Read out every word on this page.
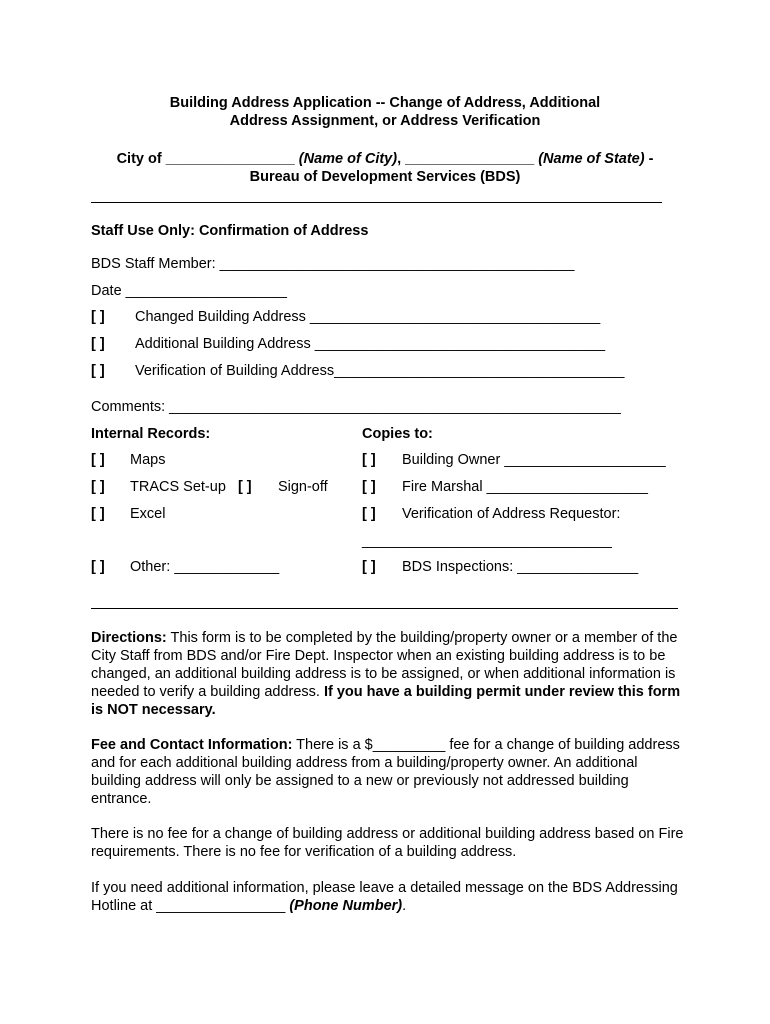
Building Address Application -- Change of Address, Additional
Address Assignment, or Address Verification
City of ________________ (Name of City), ________________ (Name of State) -
Bureau of Development Services (BDS)
Staff Use Only: Confirmation of Address
BDS Staff Member: ____________________________________________
Date ____________________
[ ] Changed Building Address ____________________________________
[ ] Additional Building Address ____________________________________
[ ] Verification of Building Address____________________________________
Comments: ________________________________________________________
Internal Records:
[ ] Maps
[ ] TRACS Set-up [ ] Sign-off
[ ] Excel
[ ] Other: _____________
Copies to:
[ ] Building Owner ____________________
[ ] Fire Marshal ____________________
[ ] Verification of Address Requestor:
_______________________________
[ ] BDS Inspections: _______________
Directions: This form is to be completed by the building/property owner or a member of the City Staff from BDS and/or Fire Dept. Inspector when an existing building address is to be changed, an additional building address is to be assigned, or when additional information is needed to verify a building address. If you have a building permit under review this form is NOT necessary.
Fee and Contact Information: There is a $_________ fee for a change of building address and for each additional building address from a building/property owner. An additional building address will only be assigned to a new or previously not addressed building entrance.
There is no fee for a change of building address or additional building address based on Fire requirements. There is no fee for verification of a building address.
If you need additional information, please leave a detailed message on the BDS Addressing Hotline at ________________ (Phone Number).
